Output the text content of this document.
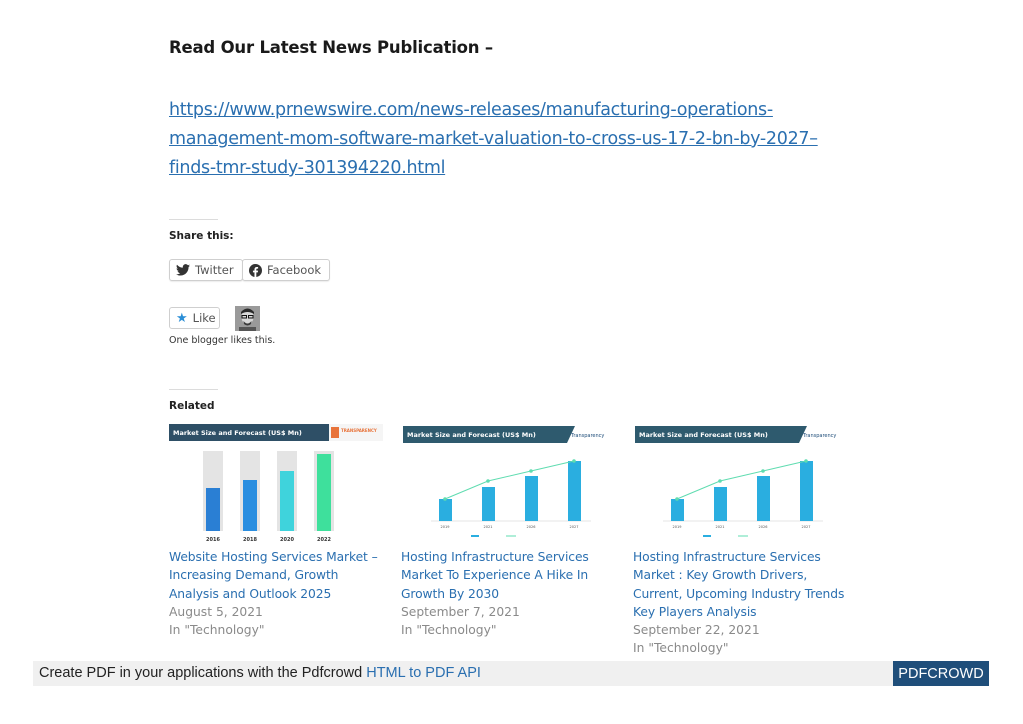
Read Our Latest News Publication –
https://www.prnewswire.com/news-releases/manufacturing-operations-management-mom-software-market-valuation-to-cross-us-17-2-bn-by-2027–finds-tmr-study-301394220.html
Share this:
Twitter	Facebook
★ Like
One blogger likes this.
Related
Market Size and Forecast (US$ Mn)	TRANSPARENCY
2016	2018	2020	2022
Website Hosting Services Market – Increasing Demand, Growth Analysis and Outlook 2025
August 5, 2021
In "Technology"
Market Size and Forecast (US$ Mn)	Transparency
2019	2021	2026	2027
Hosting Infrastructure Services Market To Experience A Hike In Growth By 2030
September 7, 2021
In "Technology"
Market Size and Forecast (US$ Mn)	Transparency
2019	2021	2026	2027
Hosting Infrastructure Services Market : Key Growth Drivers, Current, Upcoming Industry Trends Key Players Analysis
September 22, 2021
In "Technology"
Create PDF in your applications with the Pdfcrowd HTML to PDF API	PDFCROWD
